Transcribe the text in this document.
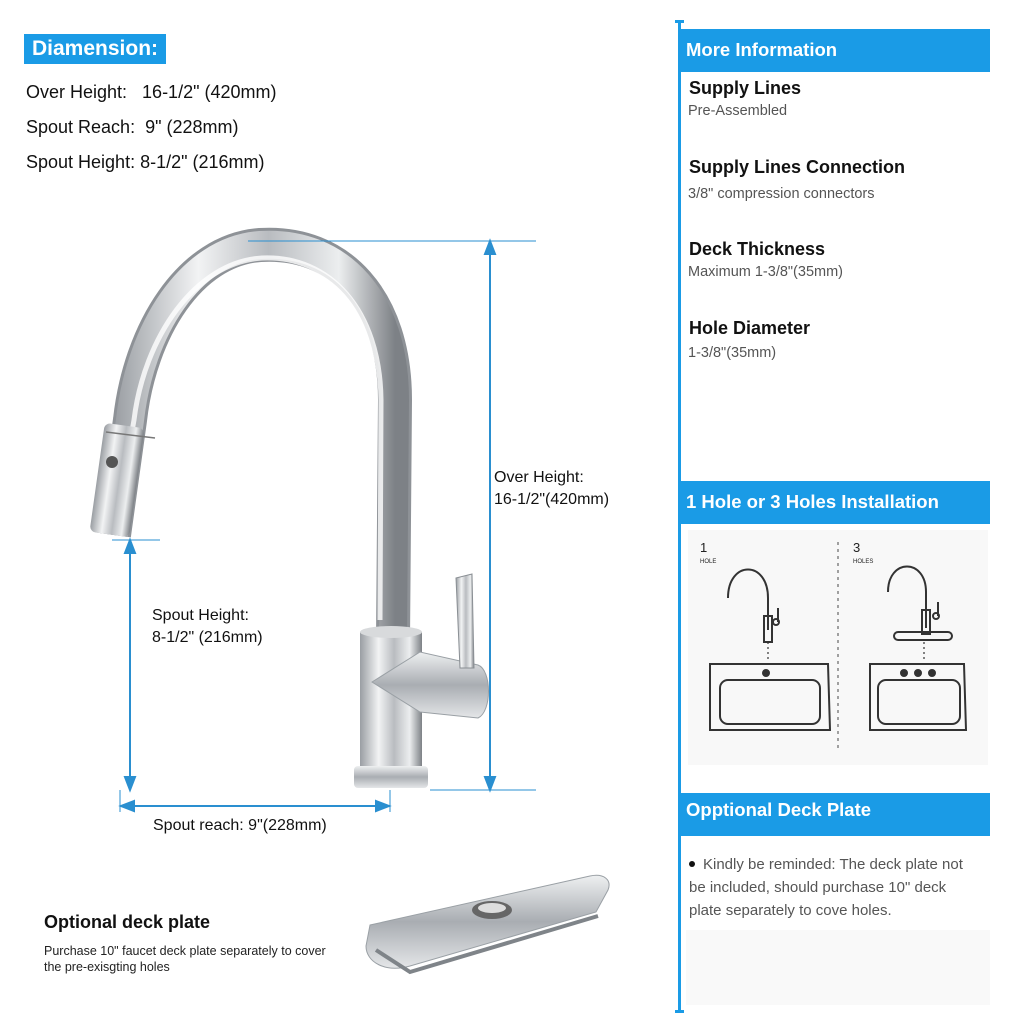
Diamension:
Over Height:   16-1/2" (420mm)
Spout Reach:  9" (228mm)
Spout Height: 8-1/2" (216mm)
Over Height:
16-1/2"(420mm)
Spout Height:
8-1/2" (216mm)
Spout reach: 9"(228mm)
Optional deck plate
Purchase 10" faucet deck plate separately to cover the pre-exisgting holes
More Information
Supply Lines
Pre-Assembled
Supply Lines Connection
3/8" compression connectors
Deck Thickness
Maximum 1-3/8"(35mm)
Hole Diameter
1-3/8"(35mm)
1 Hole or 3 Holes Installation
1
HOLE
3
HOLES
Opptional Deck Plate
Kindly be reminded: The deck plate not be included, should purchase 10" deck plate separately to cove holes.
